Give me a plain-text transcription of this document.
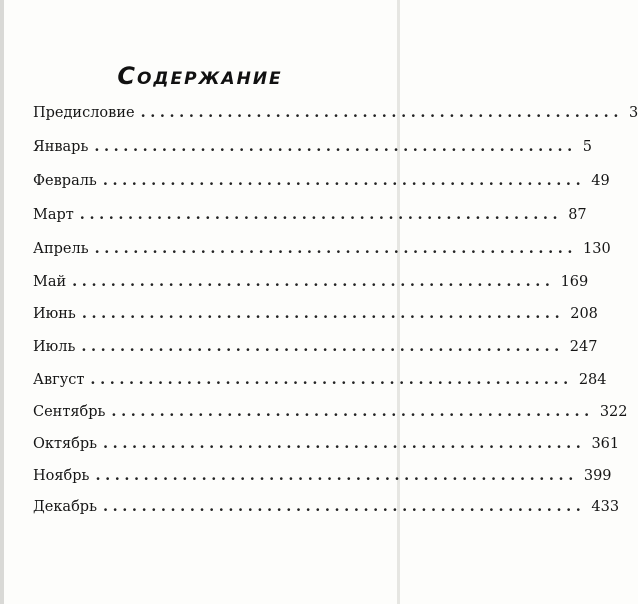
Содержание
Предисловие .................................................. 3
Январь .................................................. 5
Февраль .................................................. 49
Март .................................................. 87
Апрель .................................................. 130
Май .................................................. 169
Июнь .................................................. 208
Июль .................................................. 247
Август .................................................. 284
Сентябрь .................................................. 322
Октябрь .................................................. 361
Ноябрь .................................................. 399
Декабрь .................................................. 433
